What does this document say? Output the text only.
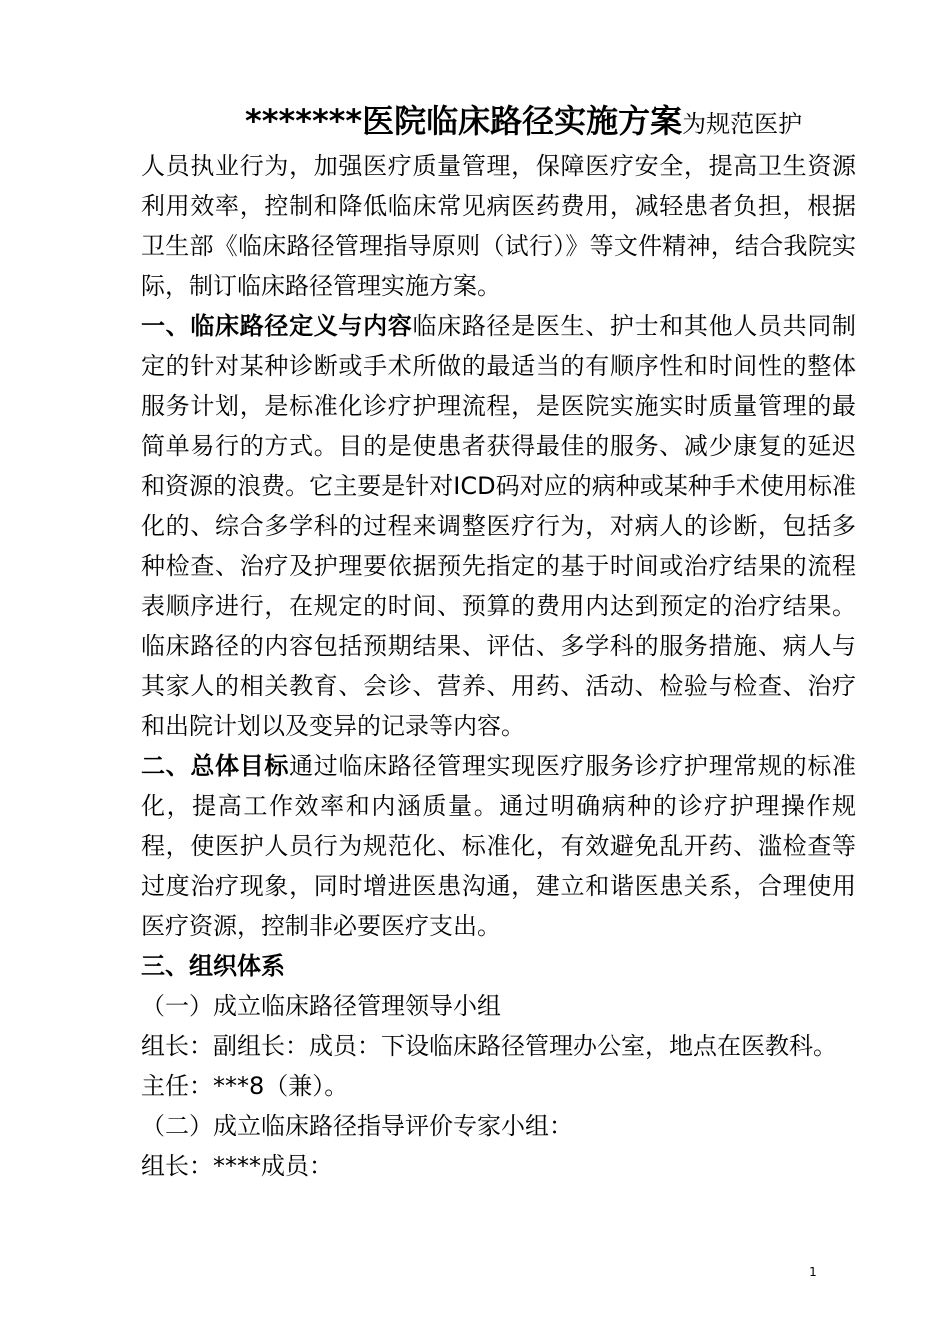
*******医院临床路径实施方案为规范医护

人员执业行为，加强医疗质量管理，保障医疗安全，提高卫生资源利用效率，控制和降低临床常见病医药费用，减轻患者负担，根据卫生部《临床路径管理指导原则（试行）》等文件精神，结合我院实际，制订临床路径管理实施方案。

一、临床路径定义与内容临床路径是医生、护士和其他人员共同制定的针对某种诊断或手术所做的最适当的有顺序性和时间性的整体服务计划，是标准化诊疗护理流程，是医院实施实时质量管理的最简单易行的方式。目的是使患者获得最佳的服务、减少康复的延迟和资源的浪费。它主要是针对ICD码对应的病种或某种手术使用标准化的、综合多学科的过程来调整医疗行为，对病人的诊断，包括多种检查、治疗及护理要依据预先指定的基于时间或治疗结果的流程表顺序进行，在规定的时间、预算的费用内达到预定的治疗结果。临床路径的内容包括预期结果、评估、多学科的服务措施、病人与其家人的相关教育、会诊、营养、用药、活动、检验与检查、治疗和出院计划以及变异的记录等内容。

二、总体目标通过临床路径管理实现医疗服务诊疗护理常规的标准化，提高工作效率和内涵质量。通过明确病种的诊疗护理操作规程，使医护人员行为规范化、标准化，有效避免乱开药、滥检查等过度治疗现象，同时增进医患沟通，建立和谐医患关系，合理使用医疗资源，控制非必要医疗支出。

三、组织体系

（一）成立临床路径管理领导小组

组长：副组长：成员：下设临床路径管理办公室，地点在医教科。

主任：***8（兼）。

（二）成立临床路径指导评价专家小组：

组长：****成员：

1
